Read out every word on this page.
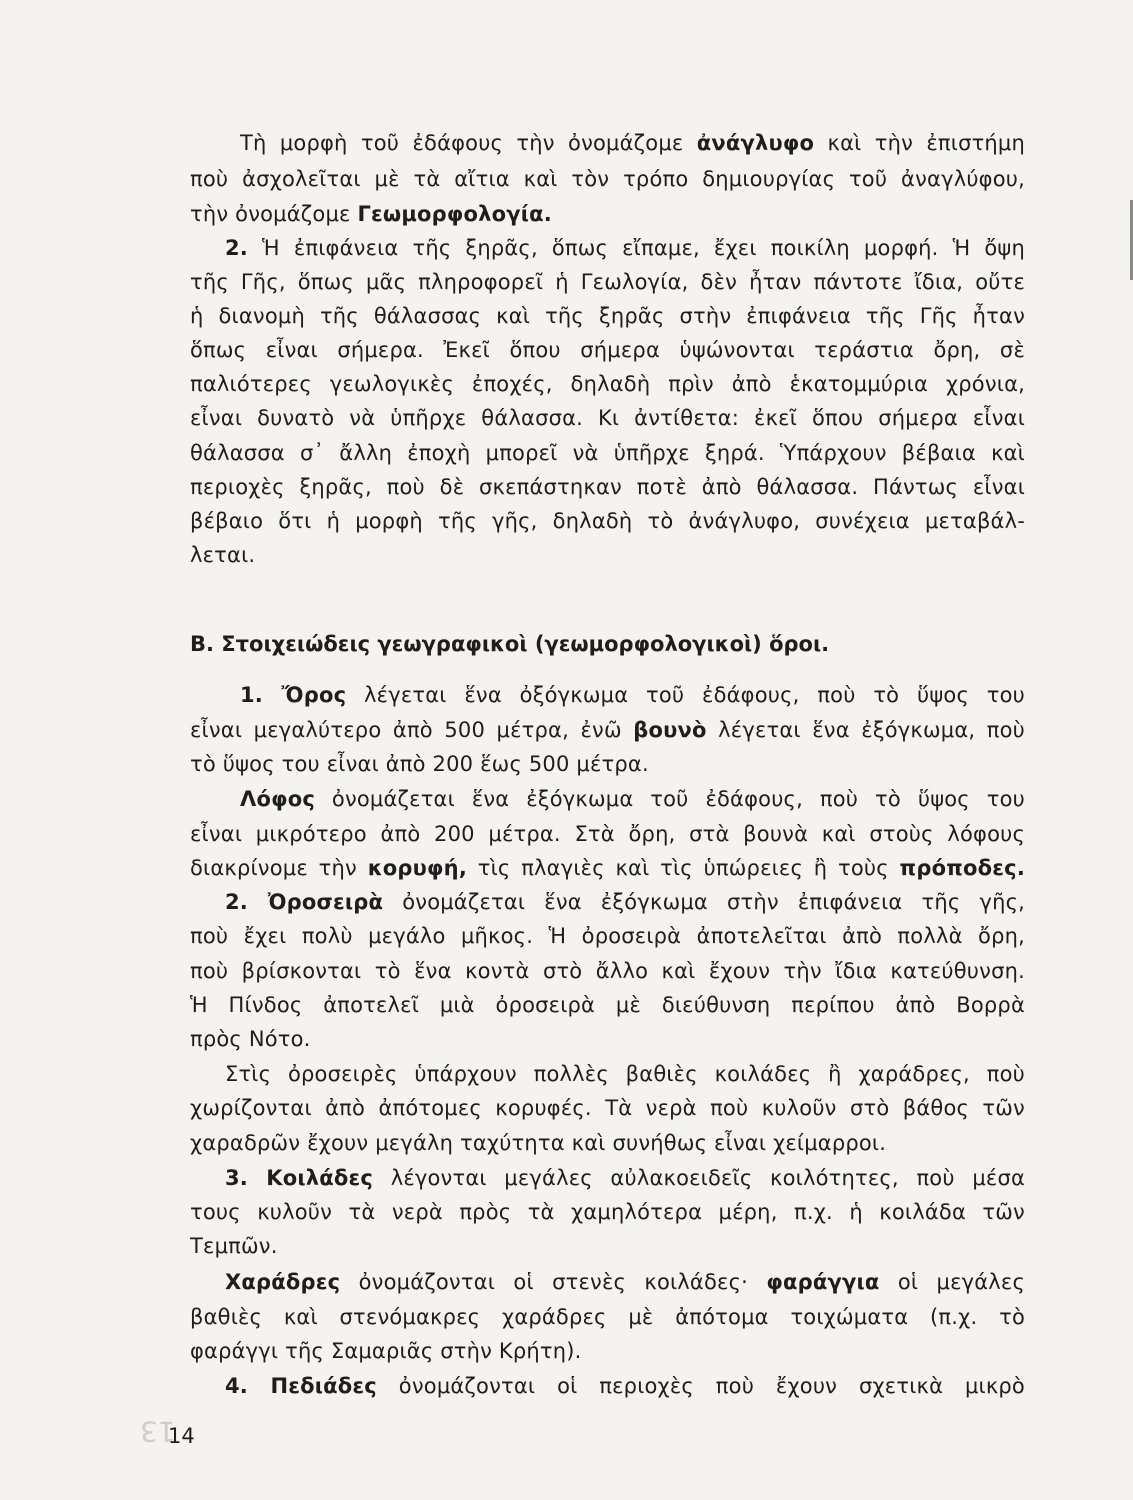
Τὴ μορφὴ τοῦ ἐδάφους τὴν ὀνομάζομε ἀνάγλυφο καὶ τὴν ἐπιστήμη
ποὺ ἀσχολεῖται μὲ τὰ αἴτια καὶ τὸν τρόπο δημιουργίας τοῦ ἀναγλύφου,
τὴν ὀνομάζομε Γεωμορφολογία.
2. Ἡ ἐπιφάνεια τῆς ξηρᾶς, ὅπως εἴπαμε, ἔχει ποικίλη μορφή. Ἡ ὄψη
τῆς Γῆς, ὅπως μᾶς πληροφορεῖ ἡ Γεωλογία, δὲν ἦταν πάντοτε ἴδια, οὔτε
ἡ διανομὴ τῆς θάλασσας καὶ τῆς ξηρᾶς στὴν ἐπιφάνεια τῆς Γῆς ἦταν
ὅπως εἶναι σήμερα. Ἐκεῖ ὅπου σήμερα ὑψώνονται τεράστια ὄρη, σὲ
παλιότερες γεωλογικὲς ἐποχές, δηλαδὴ πρὶν ἀπὸ ἑκατομμύρια χρόνια,
εἶναι δυνατὸ νὰ ὑπῆρχε θάλασσα. Κι ἀντίθετα: ἐκεῖ ὅπου σήμερα εἶναι
θάλασσα σ᾽ ἄλλη ἐποχὴ μπορεῖ νὰ ὑπῆρχε ξηρά. Ὑπάρχουν βέβαια καὶ
περιοχὲς ξηρᾶς, ποὺ δὲ σκεπάστηκαν ποτὲ ἀπὸ θάλασσα. Πάντως εἶναι
βέβαιο ὅτι ἡ μορφὴ τῆς γῆς, δηλαδὴ τὸ ἀνάγλυφο, συνέχεια μεταβάλ-
λεται.
Β. Στοιχειώδεις γεωγραφικοὶ (γεωμορφολογικοὶ) ὅροι.
1. Ὄρος λέγεται ἕνα ὀξόγκωμα τοῦ ἐδάφους, ποὺ τὸ ὕψος του
εἶναι μεγαλύτερο ἀπὸ 500 μέτρα, ἐνῶ βουνὸ λέγεται ἕνα ἐξόγκωμα, ποὺ
τὸ ὕψος του εἶναι ἀπὸ 200 ἕως 500 μέτρα.
Λόφος ὀνομάζεται ἕνα ἐξόγκωμα τοῦ ἐδάφους, ποὺ τὸ ὕψος του
εἶναι μικρότερο ἀπὸ 200 μέτρα. Στὰ ὄρη, στὰ βουνὰ καὶ στοὺς λόφους
διακρίνομε τὴν κορυφή, τὶς πλαγιὲς καὶ τὶς ὑπώρειες ἢ τοὺς πρόποδες.
2. Ὀροσειρὰ ὀνομάζεται ἕνα ἐξόγκωμα στὴν ἐπιφάνεια τῆς γῆς,
ποὺ ἔχει πολὺ μεγάλο μῆκος. Ἡ ὀροσειρὰ ἀποτελεῖται ἀπὸ πολλὰ ὄρη,
ποὺ βρίσκονται τὸ ἕνα κοντὰ στὸ ἄλλο καὶ ἔχουν τὴν ἴδια κατεύθυνση.
Ἡ Πίνδος ἀποτελεῖ μιὰ ὀροσειρὰ μὲ διεύθυνση περίπου ἀπὸ Βορρὰ
πρὸς Νότο.
Στὶς ὀροσειρὲς ὑπάρχουν πολλὲς βαθιὲς κοιλάδες ἢ χαράδρες, ποὺ
χωρίζονται ἀπὸ ἀπότομες κορυφές. Τὰ νερὰ ποὺ κυλοῦν στὸ βάθος τῶν
χαραδρῶν ἔχουν μεγάλη ταχύτητα καὶ συνήθως εἶναι χείμαρροι.
3. Κοιλάδες λέγονται μεγάλες αὐλακοειδεῖς κοιλότητες, ποὺ μέσα
τους κυλοῦν τὰ νερὰ πρὸς τὰ χαμηλότερα μέρη, π.χ. ἡ κοιλάδα τῶν
Τεμπῶν.
Χαράδρες ὀνομάζονται οἱ στενὲς κοιλάδες· φαράγγια οἱ μεγάλες
βαθιὲς καὶ στενόμακρες χαράδρες μὲ ἀπότομα τοιχώματα (π.χ. τὸ
φαράγγι τῆς Σαμαριᾶς στὴν Κρήτη).
4. Πεδιάδες ὀνομάζονται οἱ περιοχὲς ποὺ ἔχουν σχετικὰ μικρὸ
13
14
